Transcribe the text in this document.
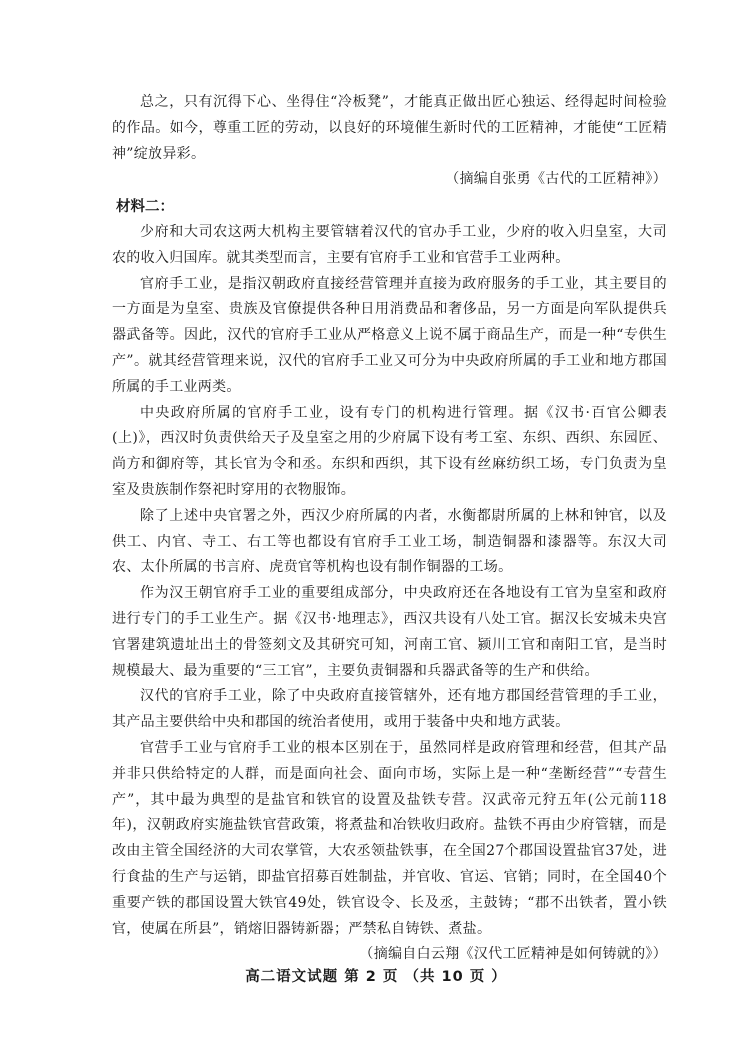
总之，只有沉得下心、坐得住“冷板凳”，才能真正做出匠心独运、经得起时间检验的作品。如今，尊重工匠的劳动，以良好的环境催生新时代的工匠精神，才能使“工匠精神”绽放异彩。

（摘编自张勇《古代的工匠精神》）

材料二：

少府和大司农这两大机构主要管辖着汉代的官办手工业，少府的收入归皇室，大司农的收入归国库。就其类型而言，主要有官府手工业和官营手工业两种。

官府手工业，是指汉朝政府直接经营管理并直接为政府服务的手工业，其主要目的一方面是为皇室、贵族及官僚提供各种日用消费品和奢侈品，另一方面是向军队提供兵器武备等。因此，汉代的官府手工业从严格意义上说不属于商品生产，而是一种“专供生产”。就其经营管理来说，汉代的官府手工业又可分为中央政府所属的手工业和地方郡国所属的手工业两类。

中央政府所属的官府手工业，设有专门的机构进行管理。据《汉书·百官公卿表(上)》，西汉时负责供给天子及皇室之用的少府属下设有考工室、东织、西织、东园匠、尚方和御府等，其长官为令和丞。东织和西织，其下设有丝麻纺织工场，专门负责为皇室及贵族制作祭祀时穿用的衣物服饰。

除了上述中央官署之外，西汉少府所属的内者，水衡都尉所属的上林和钟官，以及供工、内官、寺工、右工等也都设有官府手工业工场，制造铜器和漆器等。东汉大司农、太仆所属的书言府、虎贲官等机构也设有制作铜器的工场。

作为汉王朝官府手工业的重要组成部分，中央政府还在各地设有工官为皇室和政府进行专门的手工业生产。据《汉书·地理志》，西汉共设有八处工官。据汉长安城未央宫官署建筑遗址出土的骨签刻文及其研究可知，河南工官、颍川工官和南阳工官，是当时规模最大、最为重要的“三工官”，主要负责铜器和兵器武备等的生产和供给。

汉代的官府手工业，除了中央政府直接管辖外，还有地方郡国经营管理的手工业，其产品主要供给中央和郡国的统治者使用，或用于装备中央和地方武装。

官营手工业与官府手工业的根本区别在于，虽然同样是政府管理和经营，但其产品并非只供给特定的人群，而是面向社会、面向市场，实际上是一种“垄断经营”“专营生产”，其中最为典型的是盐官和铁官的设置及盐铁专营。汉武帝元狩五年(公元前118年)，汉朝政府实施盐铁官营政策，将煮盐和冶铁收归政府。盐铁不再由少府管辖，而是改由主管全国经济的大司农掌管，大农丞领盐铁事，在全国27个郡国设置盐官37处，进行食盐的生产与运销，即盐官招募百姓制盐，并官收、官运、官销；同时，在全国40个重要产铁的郡国设置大铁官49处，铁官设令、长及丞，主鼓铸；“郡不出铁者，置小铁官，使属在所县”，销熔旧器铸新器；严禁私自铸铁、煮盐。

（摘编自白云翔《汉代工匠精神是如何铸就的》）

高二语文试题 第 2 页 （共 10 页 ）
